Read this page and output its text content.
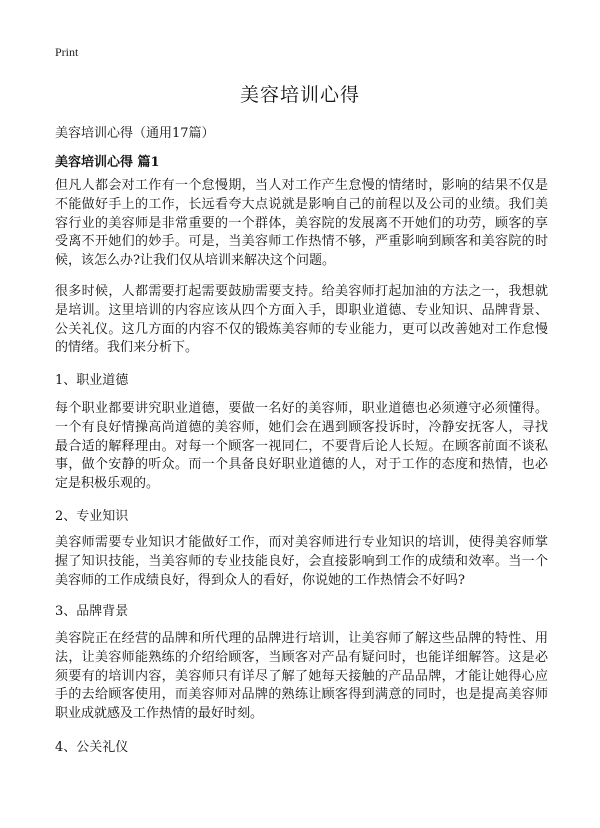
Print
美容培训心得
美容培训心得（通用17篇）
美容培训心得 篇1

但凡人都会对工作有一个怠慢期，当人对工作产生怠慢的情绪时，影响的结果不仅是不能做好手上的工作，长远看夸大点说就是影响自己的前程以及公司的业绩。我们美容行业的美容师是非常重要的一个群体，美容院的发展离不开她们的功劳，顾客的享受离不开她们的妙手。可是，当美容师工作热情不够，严重影响到顾客和美容院的时候，该怎么办?让我们仅从培训来解决这个问题。

很多时候，人都需要打起需要鼓励需要支持。给美容师打起加油的方法之一，我想就是培训。这里培训的内容应该从四个方面入手，即职业道德、专业知识、品牌背景、公关礼仪。这几方面的内容不仅的锻炼美容师的专业能力，更可以改善她对工作怠慢的情绪。我们来分析下。

1、职业道德

每个职业都要讲究职业道德，要做一名好的美容师，职业道德也必须遵守必须懂得。一个有良好情操高尚道德的美容师，她们会在遇到顾客投诉时，冷静安抚客人，寻找最合适的解释理由。对每一个顾客一视同仁，不要背后论人长短。在顾客前面不谈私事，做个安静的听众。而一个具备良好职业道德的人，对于工作的态度和热情，也必定是积极乐观的。

2、专业知识

美容师需要专业知识才能做好工作，而对美容师进行专业知识的培训，使得美容师掌握了知识技能，当美容师的专业技能良好，会直接影响到工作的成绩和效率。当一个美容师的工作成绩良好，得到众人的看好，你说她的工作热情会不好吗?

3、品牌背景

美容院正在经营的品牌和所代理的品牌进行培训，让美容师了解这些品牌的特性、用法，让美容师能熟练的介绍给顾客，当顾客对产品有疑问时，也能详细解答。这是必须要有的培训内容，美容师只有详尽了解了她每天接触的产品品牌，才能让她得心应手的去给顾客使用，而美容师对品牌的熟练让顾客得到满意的同时，也是提高美容师职业成就感及工作热情的最好时刻。

4、公关礼仪
